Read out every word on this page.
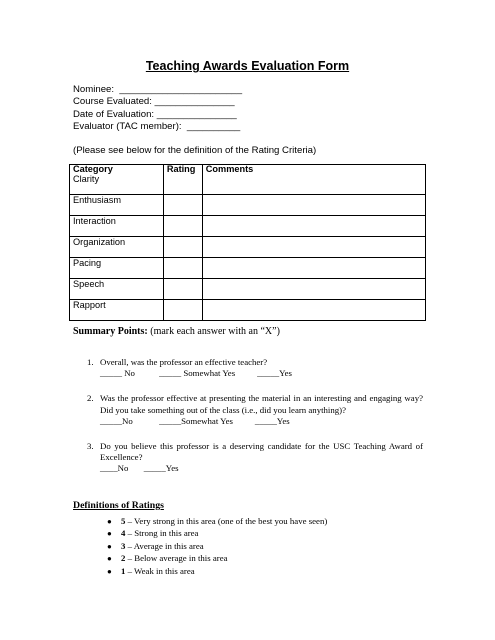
Teaching Awards Evaluation Form
Nominee:  _______________________
Course Evaluated: _______________
Date of Evaluation: _______________
Evaluator (TAC member):  __________
(Please see below for the definition of the Rating Criteria)
Category	Rating	Comments
Clarity		
Enthusiasm		
Interaction		
Organization		
Pacing		
Speech		
Rapport		
Summary Points: (mark each answer with an “X”)
1. Overall, was the professor an effective teacher?
_____ No           _____ Somewhat Yes          _____Yes
2. Was the professor effective at presenting the material in an interesting and engaging way? Did you take something out of the class (i.e., did you learn anything)?
_____No            _____Somewhat Yes          _____Yes
3. Do you believe this professor is a deserving candidate for the USC Teaching Award of Excellence?
____No       _____Yes
Definitions of Ratings
● 5 – Very strong in this area (one of the best you have seen)
● 4 – Strong in this area
● 3 – Average in this area
● 2 – Below average in this area
● 1 – Weak in this area
